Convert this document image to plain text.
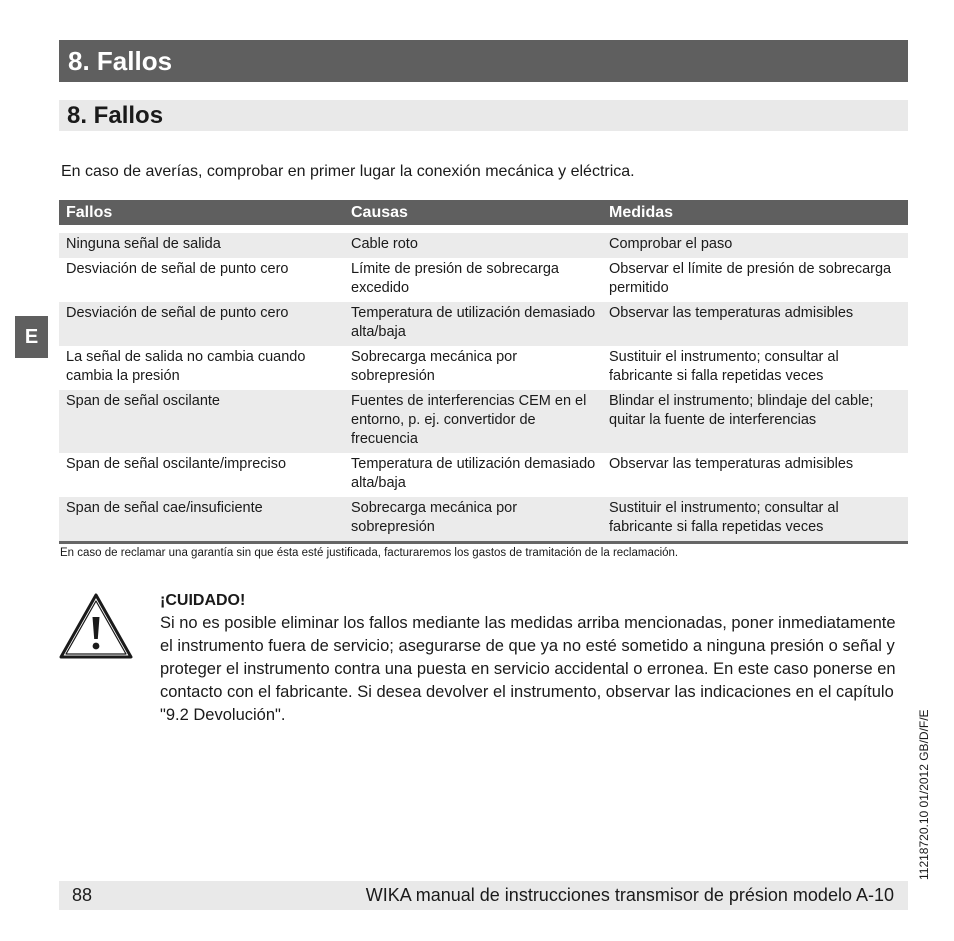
8. Fallos
8. Fallos
E
En caso de averías, comprobar en primer lugar la conexión mecánica y eléctrica.
Fallos	Causas	Medidas

Ninguna señal de salida	Cable roto	Comprobar el paso
Desviación de señal de punto cero	Límite de presión de sobrecarga excedido	Observar el límite de presión de sobrecarga permitido
Desviación de señal de punto cero	Temperatura de utilización demasiado alta/baja	Observar las temperaturas admisibles
La señal de salida no cambia cuando cambia la presión	Sobrecarga mecánica por sobrepresión	Sustituir el instrumento; consultar al fabricante si falla repetidas veces
Span de señal oscilante	Fuentes de interferencias CEM en el entorno, p. ej. convertidor de frecuencia	Blindar el instrumento; blindaje del cable; quitar la fuente de interferencias
Span de señal oscilante/impreciso	Temperatura de utilización demasiado alta/baja	Observar las temperaturas admisibles
Span de señal cae/insuficiente	Sobrecarga mecánica por sobrepresión	Sustituir el instrumento; consultar al fabricante si falla repetidas veces
En caso de reclamar una garantía sin que ésta esté justificada, facturaremos los gastos de tramitación de la reclamación.
¡CUIDADO!
Si no es posible eliminar los fallos mediante las medidas arriba mencionadas, poner inmediatamente el instrumento fuera de servicio; asegurarse de que ya no esté sometido a ninguna presión o señal y proteger el instrumento contra una puesta en servicio accidental o erronea. En este caso ponerse en contacto con el fabricante. Si desea devolver el instrumento, observar las indicaciones en el capítulo "9.2 Devolución".
88	WIKA manual de instrucciones transmisor de présion modelo A-10
11218720.10 01/2012 GB/D/F/E
